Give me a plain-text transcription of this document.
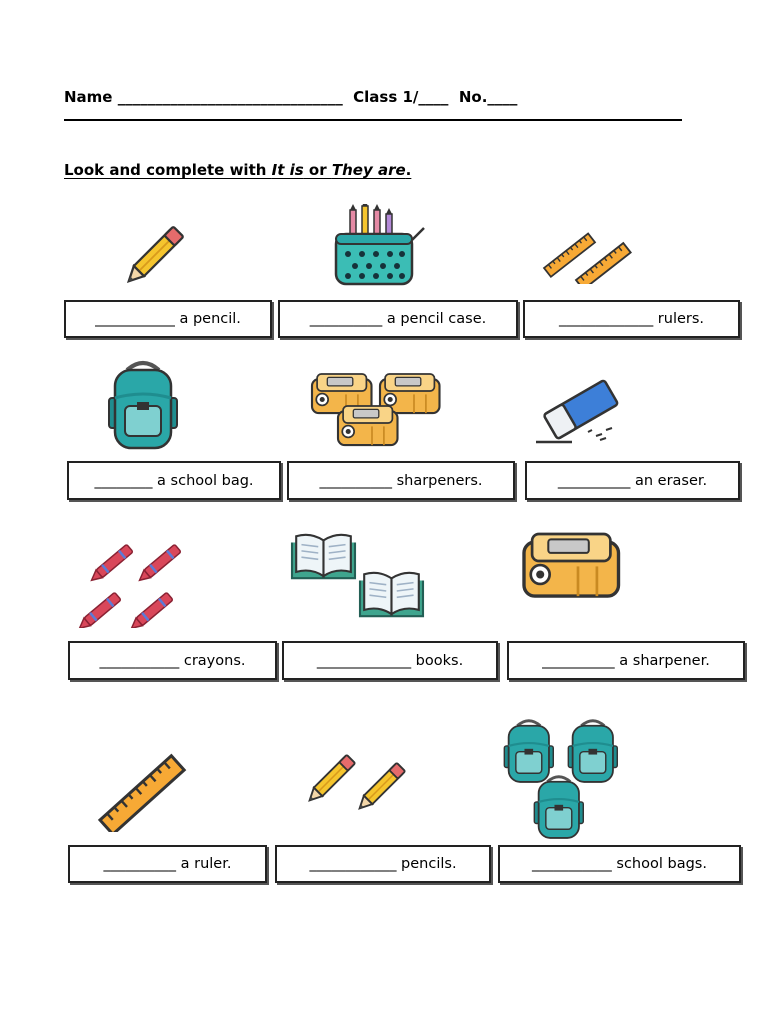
Name ______________________________  Class 1/____  No.____
Look and complete with It is or They are.
___________ a pencil.	__________ a pencil case.	_____________ rulers.
________ a school bag.	__________ sharpeners.	__________ an eraser.
___________ crayons.	_____________ books.	__________ a sharpener.
__________ a ruler.	____________ pencils.	___________ school bags.
